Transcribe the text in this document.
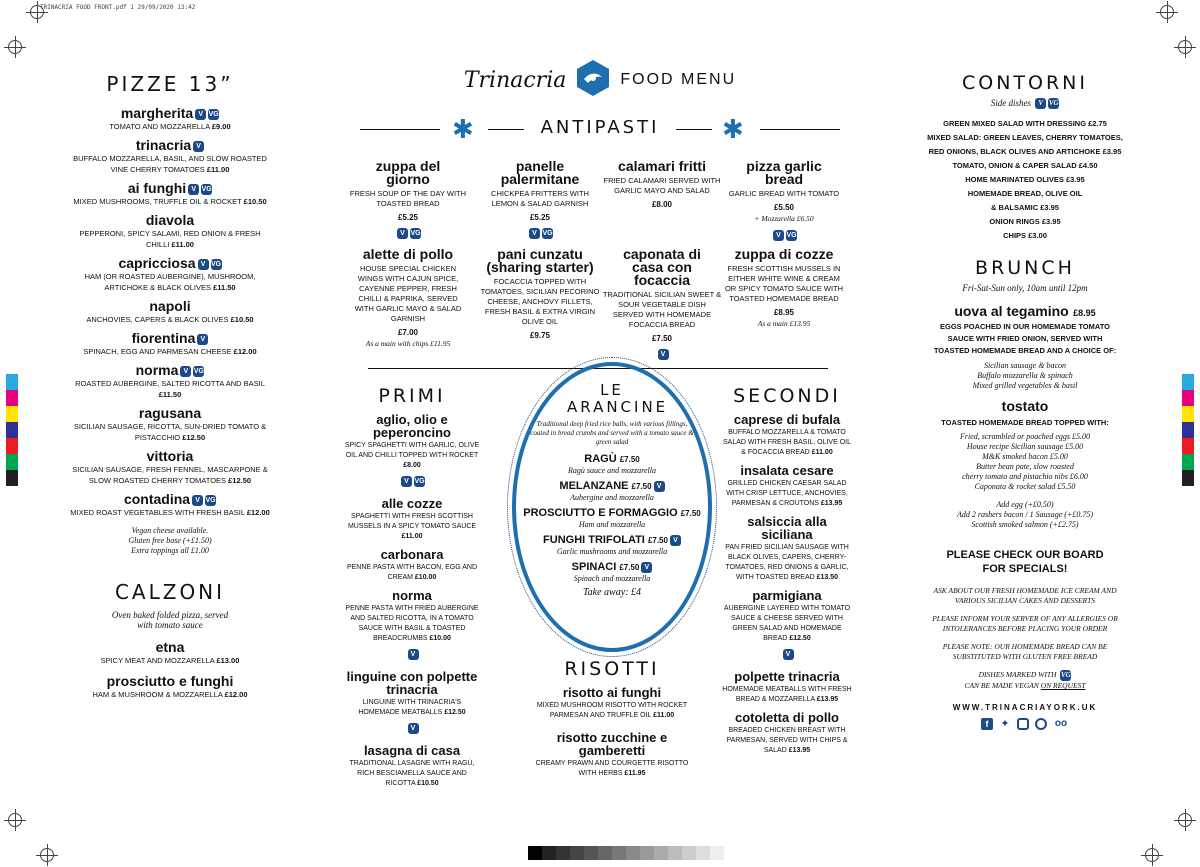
TRINACRIA FOOD FRONT.pdf 1 29/09/2020 13:42
PIZZE 13”
margherita V VG
TOMATO AND MOZZARELLA £9.00
trinacria V
BUFFALO MOZZARELLA, BASIL, AND SLOW ROASTED VINE CHERRY TOMATOES £11.00
ai funghi V VG
MIXED MUSHROOMS, TRUFFLE OIL & ROCKET £10.50
diavola
PEPPERONI, SPICY SALAMI, RED ONION & FRESH CHILLI £11.00
capricciosa V VG
HAM (OR ROASTED AUBERGINE), MUSHROOM, ARTICHOKE & BLACK OLIVES £11.50
napoli
ANCHOVIES, CAPERS & BLACK OLIVES £10.50
fiorentina V
SPINACH, EGG AND PARMESAN CHEESE £12.00
norma V VG
ROASTED AUBERGINE, SALTED RICOTTA AND BASIL £11.50
ragusana
SICILIAN SAUSAGE, RICOTTA, SUN-DRIED TOMATO & PISTACCHIO £12.50
vittoria
SICILIAN SAUSAGE, FRESH FENNEL, MASCARPONE & SLOW ROASTED CHERRY TOMATOES £12.50
contadina V VG
MIXED ROAST VEGETABLES WITH FRESH BASIL £12.00
Vegan cheese available.
Gluten free base (+£1.50)
Extra toppings all £1.00
CALZONI
Oven baked folded pizza, served with tomato sauce
etna
SPICY MEAT AND MOZZARELLA £13.00
prosciutto e funghi
HAM & MUSHROOM & MOZZARELLA £12.00
Trinacria	FOOD MENU
✱	ANTIPASTI	✱
zuppa del giorno
FRESH SOUP OF THE DAY WITH TOASTED BREAD
£5.25
V VG
panelle palermitane
CHICKPEA FRITTERS WITH LEMON & SALAD GARNISH
£5.25
V VG
calamari fritti
FRIED CALAMARI SERVED WITH GARLIC MAYO AND SALAD
£8.00
pizza garlic bread
GARLIC BREAD WITH TOMATO
£5.50
+ Mozzarella £6.50
V VG
alette di pollo
HOUSE SPECIAL CHICKEN WINGS WITH CAJUN SPICE, CAYENNE PEPPER, FRESH CHILLI & PAPRIKA, SERVED WITH GARLIC MAYO & SALAD GARNISH
£7.00
As a main with chips £11.95
pani cunzatu (sharing starter)
FOCACCIA TOPPED WITH TOMATOES, SICILIAN PECORINO CHEESE, ANCHOVY FILLETS, FRESH BASIL & EXTRA VIRGIN OLIVE OIL
£9.75
caponata di casa con focaccia
TRADITIONAL SICILIAN SWEET & SOUR VEGETABLE DISH SERVED WITH HOMEMADE FOCACCIA BREAD
£7.50
V
zuppa di cozze
FRESH SCOTTISH MUSSELS IN EITHER WHITE WINE & CREAM OR SPICY TOMATO SAUCE WITH TOASTED HOMEMADE BREAD
£8.95
As a main £13.95
PRIMI
aglio, olio e peperoncino
SPICY SPAGHETTI WITH GARLIC, OLIVE OIL AND CHILLI TOPPED WITH ROCKET £8.00
V VG
alle cozze
SPAGHETTI WITH FRESH SCOTTISH MUSSELS IN A SPICY TOMATO SAUCE £11.00
carbonara
PENNE PASTA WITH BACON, EGG AND CREAM £10.00
norma
PENNE PASTA WITH FRIED AUBERGINE AND SALTED RICOTTA, IN A TOMATO SAUCE WITH BASIL & TOASTED BREADCRUMBS £10.00
V
linguine con polpette trinacria
LINGUINE WITH TRINACRIA'S HOMEMADE MEATBALLS £12.50
V
lasagna di casa
TRADITIONAL LASAGNE WITH RAGÙ, RICH BESCIAMELLA SAUCE AND RICOTTA £10.50
LE ARANCINE
Traditional deep fried rice balls, with various fillings, coated in bread crumbs and served with a tomato sauce & green salad
RAGÙ £7.50
Ragù sauce and mozzarella
MELANZANE £7.50 V
Aubergine and mozzarella
PROSCIUTTO E FORMAGGIO £7.50
Ham and mozzarella
FUNGHI TRIFOLATI £7.50 V
Garlic mushrooms and mozzarella
SPINACI £7.50 V
Spinach and mozzarella
Take away: £4
RISOTTI
risotto ai funghi
MIXED MUSHROOM RISOTTO WITH ROCKET PARMESAN AND TRUFFLE OIL £11.00
risotto zucchine e gamberetti
CREAMY PRAWN AND COURGETTE RISOTTO WITH HERBS £11.95
SECONDI
caprese di bufala
BUFFALO MOZZARELLA & TOMATO SALAD WITH FRESH BASIL, OLIVE OIL & FOCACCIA BREAD £11.00
insalata cesare
GRILLED CHICKEN CAESAR SALAD WITH CRISP LETTUCE, ANCHOVIES, PARMESAN & CROUTONS £13.95
salsiccia alla siciliana
PAN FRIED SICILIAN SAUSAGE WITH BLACK OLIVES, CAPERS, CHERRY-TOMATOES, RED ONIONS & GARLIC, WITH TOASTED BREAD £13.50
parmigiana
AUBERGINE LAYERED WITH TOMATO SAUCE & CHEESE SERVED WITH GREEN SALAD AND HOMEMADE BREAD £12.50
V
polpette trinacria
HOMEMADE MEATBALLS WITH FRESH BREAD & MOZZARELLA £13.95
cotoletta di pollo
BREADED CHICKEN BREAST WITH PARMESAN, SERVED WITH CHIPS & SALAD £13.95
CONTORNI
Side dishes V VG
GREEN MIXED SALAD WITH DRESSING £2.75
MIXED SALAD: GREEN LEAVES, CHERRY TOMATOES,
RED ONIONS, BLACK OLIVES AND ARTICHOKE £3.95
TOMATO, ONION & CAPER SALAD £4.50
HOME MARINATED OLIVES £3.95
HOMEMADE BREAD, OLIVE OIL
& BALSAMIC £3.95
ONION RINGS £3.95
CHIPS £3.00
BRUNCH
Fri-Sat-Sun only, 10am until 12pm
uova al tegamino £8.95
EGGS POACHED IN OUR HOMEMADE TOMATO SAUCE WITH FRIED ONION, SERVED WITH TOASTED HOMEMADE BREAD AND A CHOICE OF:
Sicilian sausage & bacon
Buffalo mozzarella & spinach
Mixed grilled vegetables & basil
tostato
TOASTED HOMEMADE BREAD TOPPED WITH:
Fried, scrambled or poached eggs £5.00
House recipe Sicilian sausage £5.00
M&K smoked bacon £5.00
Butter bean pate, slow roasted
cherry tomato and pistachio nibs £6.00
Caponata & rocket salad £5.50
Add egg (+£0.50)
Add 2 rashers bacon / 1 Sausage (+£0.75)
Scottish smoked salmon (+£2.75)
PLEASE CHECK OUR BOARD FOR SPECIALS!
ASK ABOUT OUR FRESH HOMEMADE ICE CREAM AND VARIOUS SICILIAN CAKES AND DESSERTS
PLEASE INFORM YOUR SERVER OF ANY ALLERGIES OR INTOLERANCES BEFORE PLACING YOUR ORDER
PLEASE NOTE: OUR HOMEMADE BREAD CAN BE SUBSTITUTED WITH GLUTEN FREE BREAD
DISHES MARKED WITH VG
CAN BE MADE VEGAN ON REQUEST
WWW.TRINACRIAYORK.UK
f	✦	oo
